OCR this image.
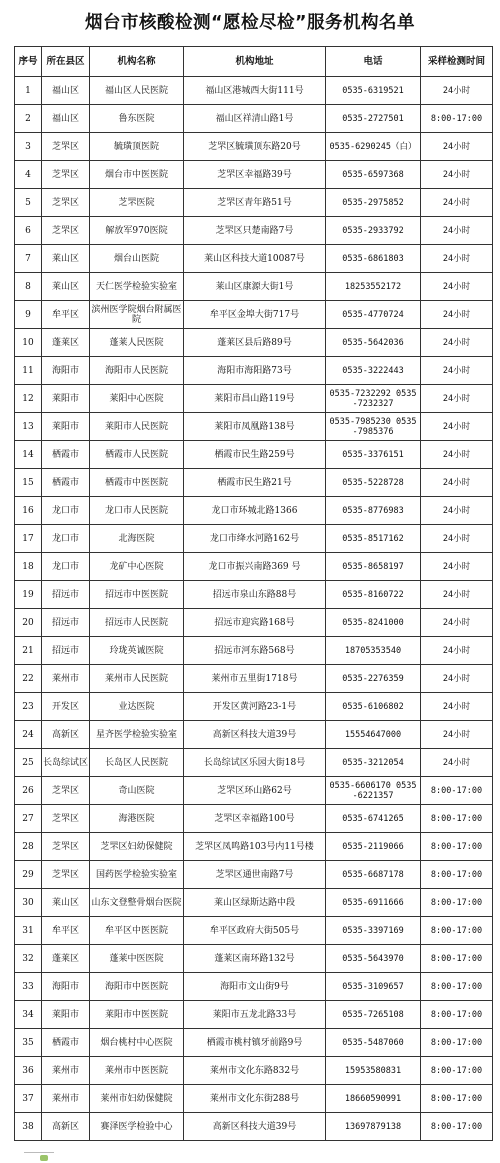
烟台市核酸检测“愿检尽检”服务机构名单
序号	所在县区	机构名称	机构地址	电话	采样检测时间
1	福山区	福山区人民医院	福山区港城西大街111号	0535-6319521	24小时
2	福山区	鲁东医院	福山区祥清山路1号	0535-2727501	8:00-17:00
3	芝罘区	毓璜顶医院	芝罘区毓璜顶东路20号	0535-6290245（白）	24小时
4	芝罘区	烟台市中医医院	芝罘区幸福路39号	0535-6597368	24小时
5	芝罘区	芝罘医院	芝罘区青年路51号	0535-2975852	24小时
6	芝罘区	解放军970医院	芝罘区只楚南路7号	0535-2933792	24小时
7	莱山区	烟台山医院	莱山区科技大道10087号	0535-6861803	24小时
8	莱山区	天仁医学检验实验室	莱山区康源大街1号	18253552172	24小时
9	牟平区	滨州医学院烟台附属医院	牟平区金埠大街717号	0535-4770724	24小时
10	蓬莱区	蓬莱人民医院	蓬莱区县后路89号	0535-5642036	24小时
11	海阳市	海阳市人民医院	海阳市海阳路73号	0535-3222443	24小时
12	莱阳市	莱阳中心医院	莱阳市昌山路119号	0535-7232292 0535-7232327	24小时
13	莱阳市	莱阳市人民医院	莱阳市凤凰路138号	0535-7985230 0535-7985376	24小时
14	栖霞市	栖霞市人民医院	栖霞市民生路259号	0535-3376151	24小时
15	栖霞市	栖霞市中医医院	栖霞市民生路21号	0535-5228728	24小时
16	龙口市	龙口市人民医院	龙口市环城北路1366	0535-8776983	24小时
17	龙口市	北海医院	龙口市绛水河路162号	0535-8517162	24小时
18	龙口市	龙矿中心医院	龙口市振兴南路369 号	0535-8658197	24小时
19	招远市	招远市中医医院	招远市泉山东路88号	0535-8160722	24小时
20	招远市	招远市人民医院	招远市迎宾路168号	0535-8241000	24小时
21	招远市	玲珑英诚医院	招远市河东路568号	18705353540	24小时
22	莱州市	莱州市人民医院	莱州市五里街1718号	0535-2276359	24小时
23	开发区	业达医院	开发区黄河路23-1号	0535-6106802	24小时
24	高新区	星齐医学检验实验室	高新区科技大道39号	15554647000	24小时
25	长岛综试区	长岛区人民医院	长岛综试区乐园大街18号	0535-3212054	24小时
26	芝罘区	奇山医院	芝罘区环山路62号	0535-6606170 0535-6221357	8:00-17:00
27	芝罘区	海港医院	芝罘区幸福路100号	0535-6741265	8:00-17:00
28	芝罘区	芝罘区妇幼保健院	芝罘区凤鸣路103号内11号楼	0535-2119066	8:00-17:00
29	芝罘区	国药医学检验实验室	芝罘区通世南路7号	0535-6687178	8:00-17:00
30	莱山区	山东文登整骨烟台医院	莱山区绿斯达路中段	0535-6911666	8:00-17:00
31	牟平区	牟平区中医医院	牟平区政府大街505号	0535-3397169	8:00-17:00
32	蓬莱区	蓬莱中医医院	蓬莱区南环路132号	0535-5643970	8:00-17:00
33	海阳市	海阳市中医医院	海阳市文山街9号	0535-3109657	8:00-17:00
34	莱阳市	莱阳市中医医院	莱阳市五龙北路33号	0535-7265108	8:00-17:00
35	栖霞市	烟台桃村中心医院	栖霞市桃村镇牙前路9号	0535-5487060	8:00-17:00
36	莱州市	莱州市中医医院	莱州市文化东路832号	15953580831	8:00-17:00
37	莱州市	莱州市妇幼保健院	莱州市文化东街288号	18660590991	8:00-17:00
38	高新区	赛泽医学检验中心	高新区科技大道39号	13697879138	8:00-17:00
